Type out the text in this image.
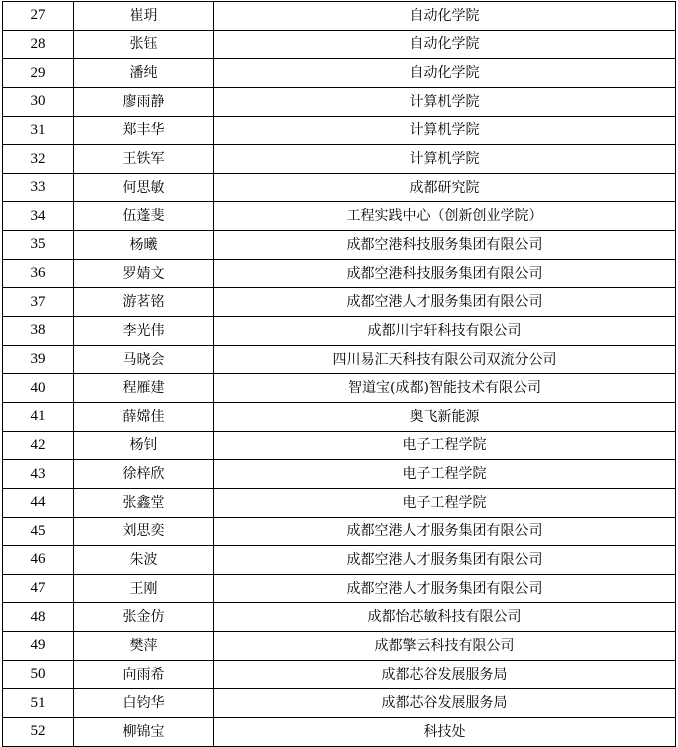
27	崔玥	自动化学院
28	张钰	自动化学院
29	潘纯	自动化学院
30	廖雨静	计算机学院
31	郑丰华	计算机学院
32	王铁军	计算机学院
33	何思敏	成都研究院
34	伍蓬斐	工程实践中心（创新创业学院）
35	杨曦	成都空港科技服务集团有限公司
36	罗婧文	成都空港科技服务集团有限公司
37	游茗铭	成都空港人才服务集团有限公司
38	李光伟	成都川宇轩科技有限公司
39	马晓会	四川易汇天科技有限公司双流分公司
40	程雁建	智道宝(成都)智能技术有限公司
41	薛嫦佳	奥飞新能源
42	杨钊	电子工程学院
43	徐梓欣	电子工程学院
44	张鑫堂	电子工程学院
45	刘思奕	成都空港人才服务集团有限公司
46	朱波	成都空港人才服务集团有限公司
47	王刚	成都空港人才服务集团有限公司
48	张金仿	成都怡芯敏科技有限公司
49	樊萍	成都擎云科技有限公司
50	向雨希	成都芯谷发展服务局
51	白钧华	成都芯谷发展服务局
52	柳锦宝	科技处
